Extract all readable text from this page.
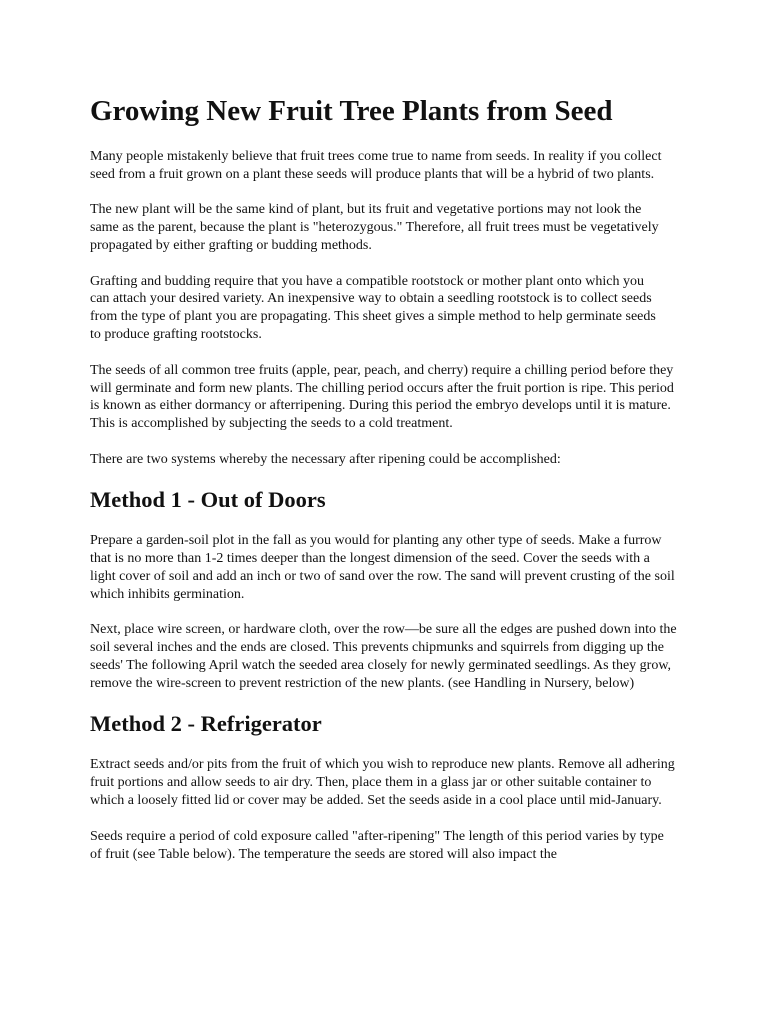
Growing New Fruit Tree Plants from Seed

Many people mistakenly believe that fruit trees come true to name from seeds. In reality if you collect seed from a fruit grown on a plant these seeds will produce plants that will be a hybrid of two plants.

The new plant will be the same kind of plant, but its fruit and vegetative portions may not look the same as the parent, because the plant is "heterozygous." Therefore, all fruit trees must be vegetatively propagated by either grafting or budding methods.

Grafting and budding require that you have a compatible rootstock or mother plant onto which you can attach your desired variety. An inexpensive way to obtain a seedling rootstock is to collect seeds from the type of plant you are propagating. This sheet gives a simple method to help germinate seeds to produce grafting rootstocks.

The seeds of all common tree fruits (apple, pear, peach, and cherry) require a chilling period before they will germinate and form new plants. The chilling period occurs after the fruit portion is ripe. This period is known as either dormancy or afterripening. During this period the embryo develops until it is mature. This is accomplished by subjecting the seeds to a cold treatment.

There are two systems whereby the necessary after ripening could be accomplished:

Method 1 - Out of Doors

Prepare a garden-soil plot in the fall as you would for planting any other type of seeds. Make a furrow that is no more than 1-2 times deeper than the longest dimension of the seed. Cover the seeds with a light cover of soil and add an inch or two of sand over the row. The sand will prevent crusting of the soil which inhibits germination.

Next, place wire screen, or hardware cloth, over the row—be sure all the edges are pushed down into the soil several inches and the ends are closed. This prevents chipmunks and squirrels from digging up the seeds' The following April watch the seeded area closely for newly germinated seedlings. As they grow, remove the wire-screen to prevent restriction of the new plants. (see Handling in Nursery, below)

Method 2 - Refrigerator

Extract seeds and/or pits from the fruit of which you wish to reproduce new plants. Remove all adhering fruit portions and allow seeds to air dry. Then, place them in a glass jar or other suitable container to which a loosely fitted lid or cover may be added. Set the seeds aside in a cool place until mid-January.

Seeds require a period of cold exposure called "after-ripening" The length of this period varies by type of fruit (see Table below). The temperature the seeds are stored will also impact the
